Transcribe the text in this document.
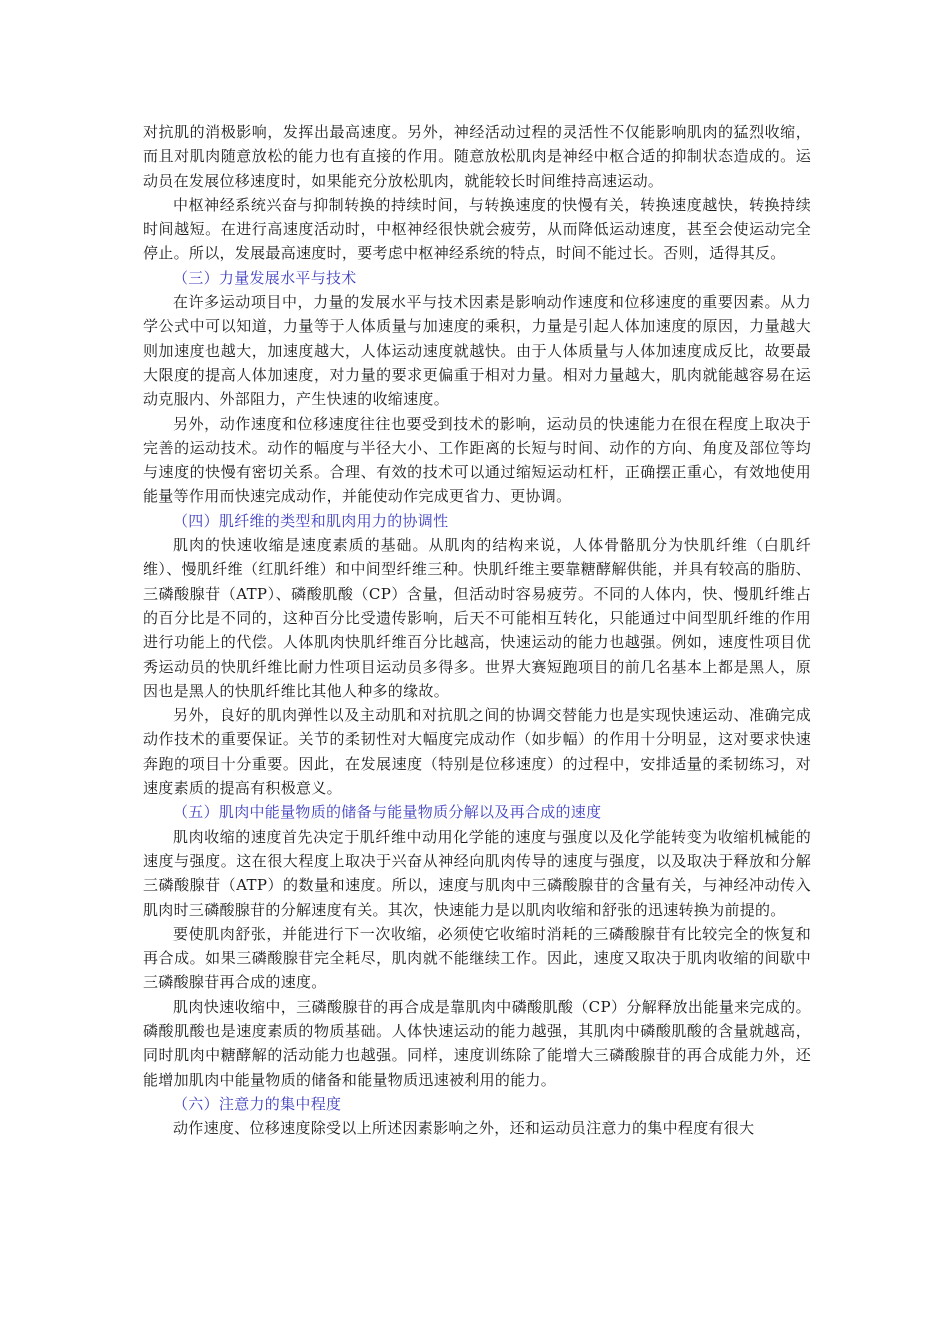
对抗肌的消极影响，发挥出最高速度。另外，神经活动过程的灵活性不仅能影响肌肉的猛烈收缩，而且对肌肉随意放松的能力也有直接的作用。随意放松肌肉是神经中枢合适的抑制状态造成的。运动员在发展位移速度时，如果能充分放松肌肉，就能较长时间维持高速运动。

中枢神经系统兴奋与抑制转换的持续时间，与转换速度的快慢有关，转换速度越快，转换持续时间越短。在进行高速度活动时，中枢神经很快就会疲劳，从而降低运动速度，甚至会使运动完全停止。所以，发展最高速度时，要考虑中枢神经系统的特点，时间不能过长。否则，适得其反。

（三）力量发展水平与技术

在许多运动项目中，力量的发展水平与技术因素是影响动作速度和位移速度的重要因素。从力学公式中可以知道，力量等于人体质量与加速度的乘积，力量是引起人体加速度的原因，力量越大则加速度也越大，加速度越大，人体运动速度就越快。由于人体质量与人体加速度成反比，故要最大限度的提高人体加速度，对力量的要求更偏重于相对力量。相对力量越大，肌肉就能越容易在运动克服内、外部阻力，产生快速的收缩速度。

另外，动作速度和位移速度往往也要受到技术的影响，运动员的快速能力在很在程度上取决于完善的运动技术。动作的幅度与半径大小、工作距离的长短与时间、动作的方向、角度及部位等均与速度的快慢有密切关系。合理、有效的技术可以通过缩短运动杠杆，正确摆正重心，有效地使用能量等作用而快速完成动作，并能使动作完成更省力、更协调。

（四）肌纤维的类型和肌肉用力的协调性

肌肉的快速收缩是速度素质的基础。从肌肉的结构来说，人体骨骼肌分为快肌纤维（白肌纤维）、慢肌纤维（红肌纤维）和中间型纤维三种。快肌纤维主要靠糖酵解供能，并具有较高的脂肪、三磷酸腺苷（ATP）、磷酸肌酸（CP）含量，但活动时容易疲劳。不同的人体内，快、慢肌纤维占的百分比是不同的，这种百分比受遗传影响，后天不可能相互转化，只能通过中间型肌纤维的作用进行功能上的代偿。人体肌肉快肌纤维百分比越高，快速运动的能力也越强。例如，速度性项目优秀运动员的快肌纤维比耐力性项目运动员多得多。世界大赛短跑项目的前几名基本上都是黑人，原因也是黑人的快肌纤维比其他人种多的缘故。

另外，良好的肌肉弹性以及主动肌和对抗肌之间的协调交替能力也是实现快速运动、准确完成动作技术的重要保证。关节的柔韧性对大幅度完成动作（如步幅）的作用十分明显，这对要求快速奔跑的项目十分重要。因此，在发展速度（特别是位移速度）的过程中，安排适量的柔韧练习，对速度素质的提高有积极意义。

（五）肌肉中能量物质的储备与能量物质分解以及再合成的速度

肌肉收缩的速度首先决定于肌纤维中动用化学能的速度与强度以及化学能转变为收缩机械能的速度与强度。这在很大程度上取决于兴奋从神经向肌肉传导的速度与强度，以及取决于释放和分解三磷酸腺苷（ATP）的数量和速度。所以，速度与肌肉中三磷酸腺苷的含量有关，与神经冲动传入肌肉时三磷酸腺苷的分解速度有关。其次，快速能力是以肌肉收缩和舒张的迅速转换为前提的。

要使肌肉舒张，并能进行下一次收缩，必须使它收缩时消耗的三磷酸腺苷有比较完全的恢复和再合成。如果三磷酸腺苷完全耗尽，肌肉就不能继续工作。因此，速度又取决于肌肉收缩的间歇中三磷酸腺苷再合成的速度。

肌肉快速收缩中，三磷酸腺苷的再合成是靠肌肉中磷酸肌酸（CP）分解释放出能量来完成的。磷酸肌酸也是速度素质的物质基础。人体快速运动的能力越强，其肌肉中磷酸肌酸的含量就越高，同时肌肉中糖酵解的活动能力也越强。同样，速度训练除了能增大三磷酸腺苷的再合成能力外，还能增加肌肉中能量物质的储备和能量物质迅速被利用的能力。

（六）注意力的集中程度

动作速度、位移速度除受以上所述因素影响之外，还和运动员注意力的集中程度有很大
